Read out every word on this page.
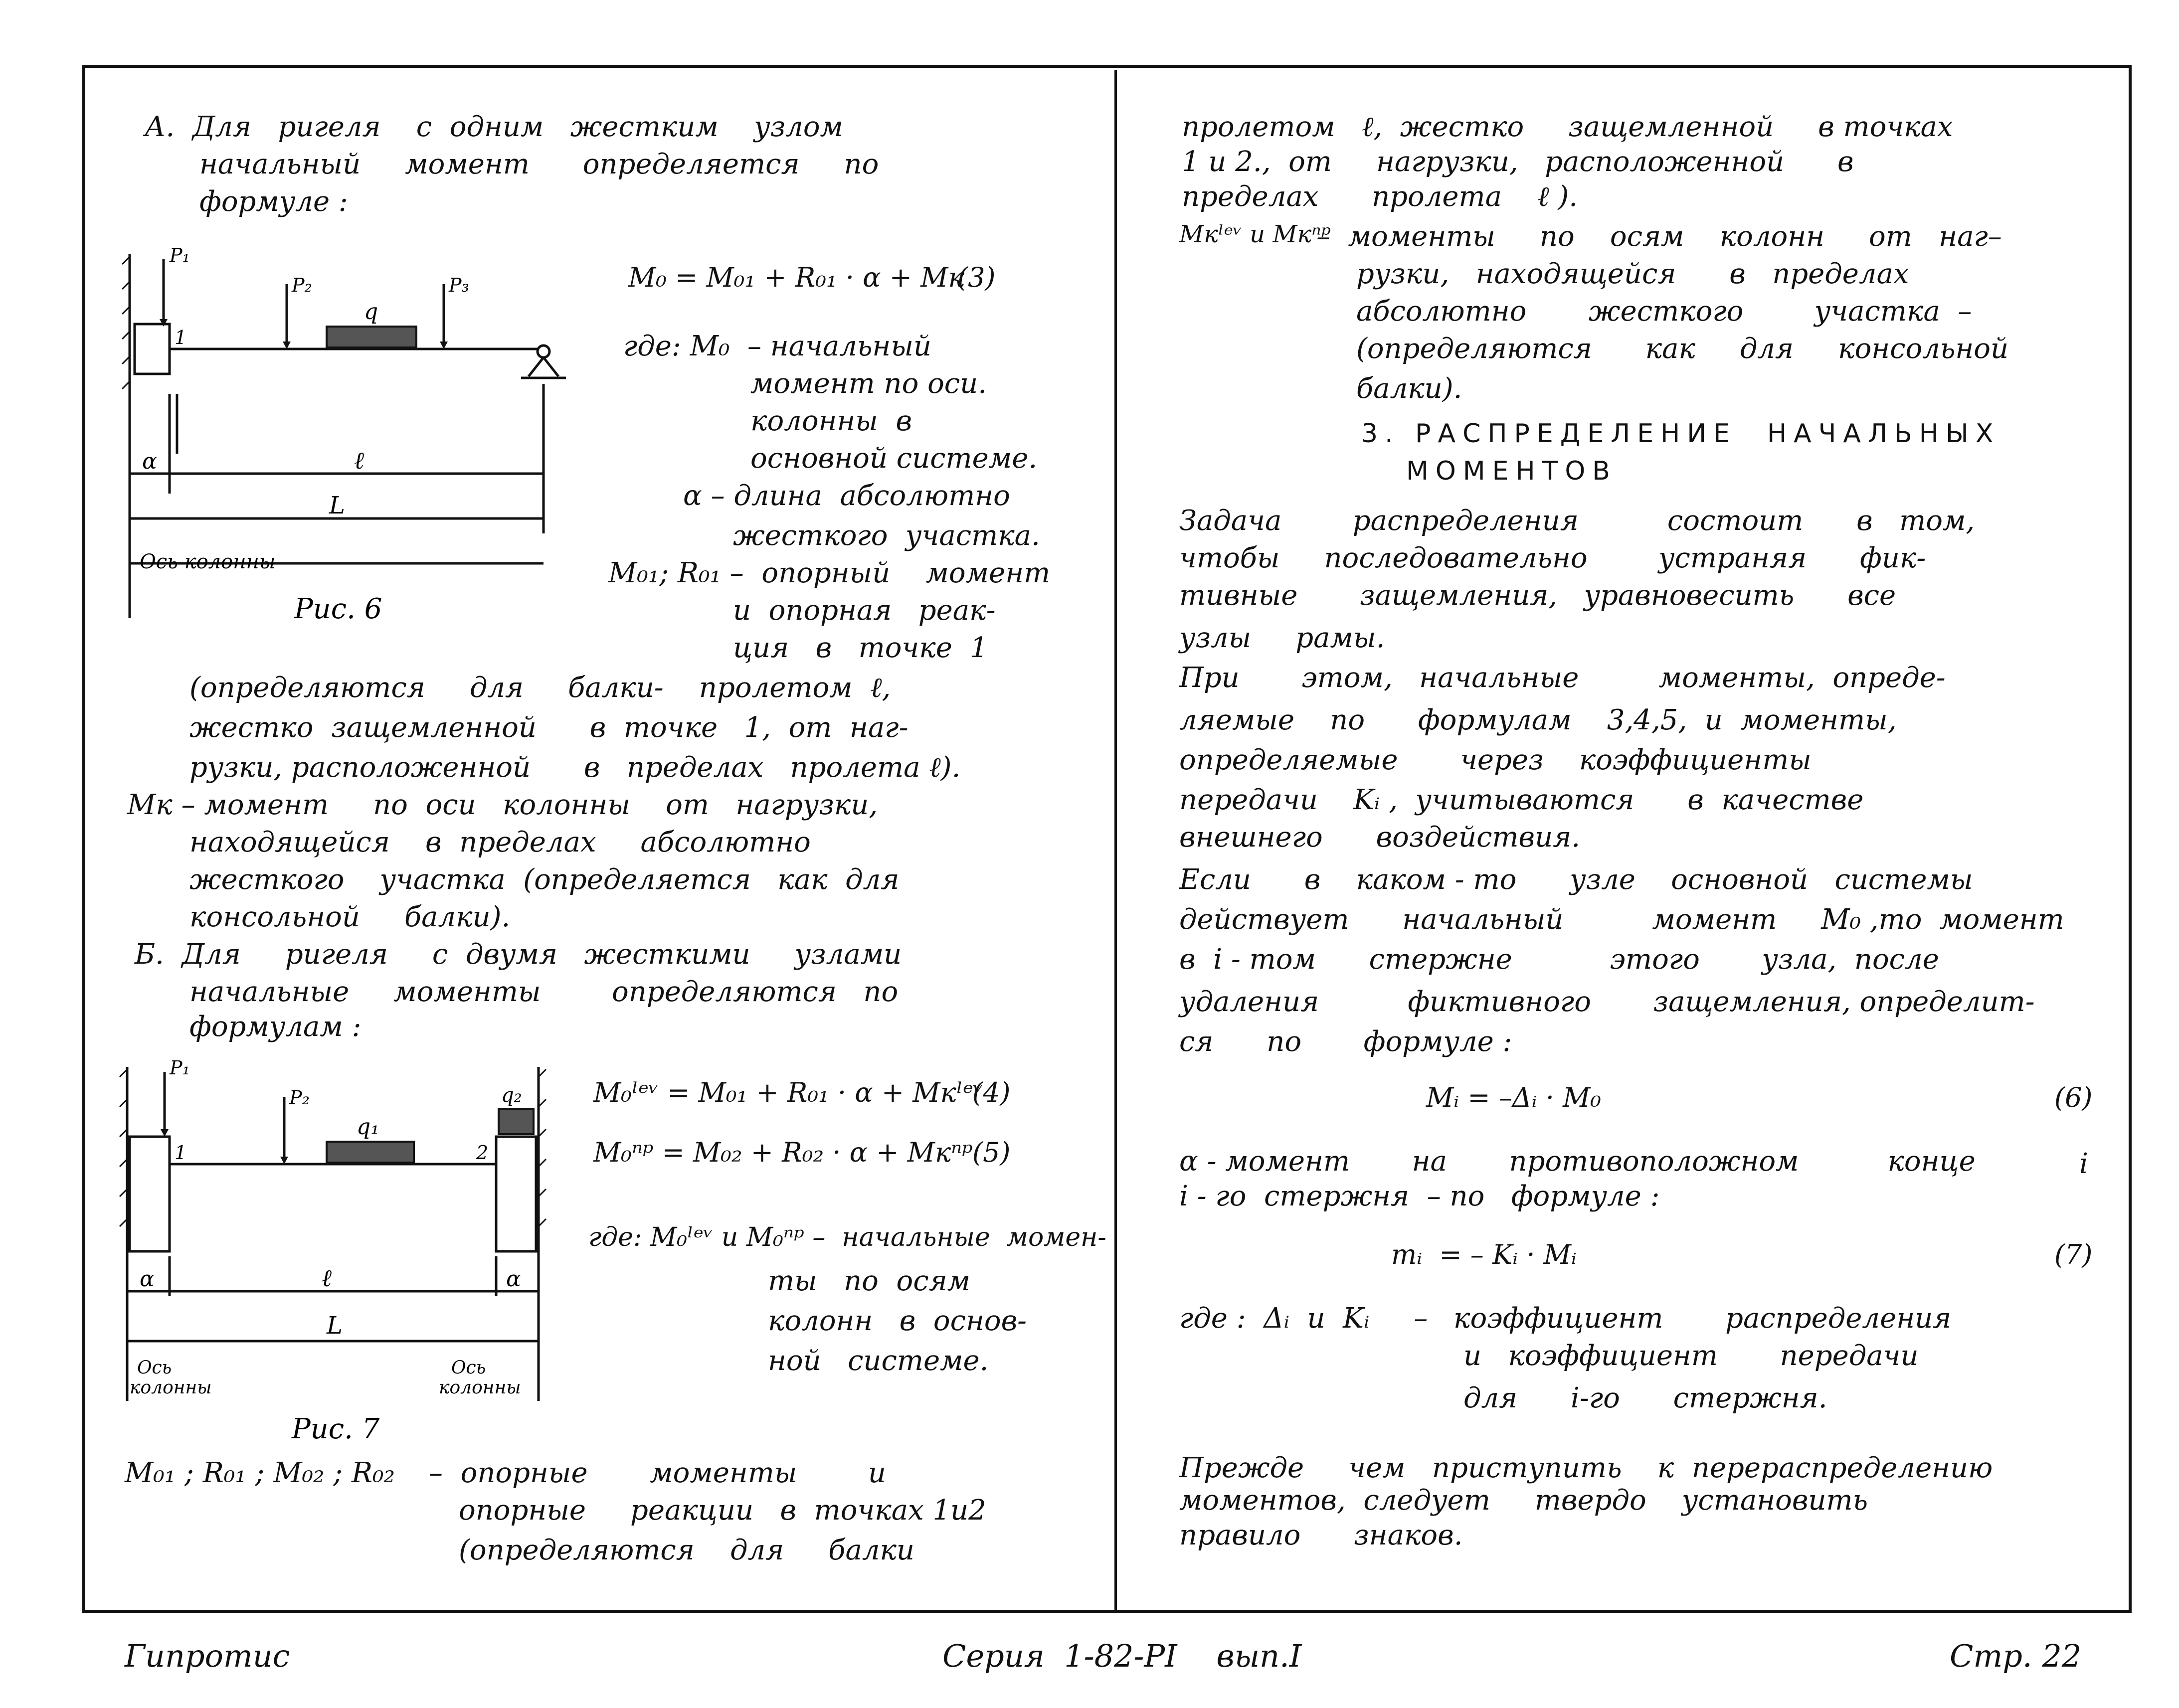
А.  Для   ригеля    с  одним   жестким    узлом
начальный     момент      определяется     по
формуле :
P₁
P₂
q
P₃
1
α	ℓ
L
Ось колонны
Рис. 6
M₀ = M₀₁ + R₀₁ · α + Mк
(3)
где: M₀  – начальный
момент по оси.
колонны  в
основной системе.
α – длина  абсолютно
жесткого  участка.
M₀₁; R₀₁ –  опорный    момент
и  опорная   реак-
ция   в   точке  1
(определяются     для     балки-    пролетом  ℓ,
жестко  защемленной      в  точке   1,  от  наг-
рузки, расположенной      в   пределах   пролета ℓ).
Mк – момент     по  оси   колонны    от   нагрузки,
находящейся    в  пределах     абсолютно
жесткого    участка  (определяется   как  для
консольной     балки).
Б.  Для     ригеля     с  двумя   жесткими     узлами
начальные     моменты        определяются   по
формулам :
P₁
P₂
q₁
q₂
1	2
α	ℓ	α
L
Ось
колонны
Ось
колонны
Рис. 7
M₀ˡᵉᵛ = M₀₁ + R₀₁ · α + Mкˡᵉᵛ
(4)
M₀ⁿᵖ = M₀₂ + R₀₂ · α + Mкⁿᵖ (5)
где: M₀ˡᵉᵛ и M₀ⁿᵖ –  начальные  момен-
ты   по  осям
колонн   в  основ-
ной   системе.
M₀₁ ; R₀₁ ; M₀₂ ; R₀₂ –  опорные       моменты        и
опорные     реакции   в  точках 1и2
(определяются    для     балки
пролетом   ℓ,  жестко     защемленной     в точках
1 и 2.,  от     нагрузки,   расположенной      в
пределах      пролета    ℓ ).
Mкˡᵉᵛ и Mкⁿᵖ
–  моменты     по    осям    колонн     от   наг–
рузки,   находящейся      в   пределах
абсолютно       жесткого        участка  –
(определяются      как     для     консольной
балки).
3. РАСПРЕДЕЛЕНИЕ  НАЧАЛЬНЫХ
МОМЕНТОВ
Задача        распределения          состоит      в   том,
чтобы     последовательно        устраняя      фик-
тивные       защемления,   уравновесить      все
узлы     рамы.
При       этом,   начальные         моменты,  опреде-
ляемые    по      формулам    3,4,5,  и  моменты,
определяемые       через    коэффициенты
передачи    Kᵢ ,  учитываются      в  качестве
внешнего      воздействия.
Если      в    каком - то      узле    основной   системы
действует      начальный          момент     M₀ ,то  момент
в  i - том      стержне           этого       узла,  после
удаления          фиктивного       защемления, определит-
ся      по       формуле :
Mᵢ = –Δᵢ · M₀	(6)
α - момент       на       противоположном          конце	i
i - го  стержня  – по   формуле :
mᵢ  = – Kᵢ · Mᵢ	(7)
где :  Δᵢ  и  Kᵢ     – коэффициент       распределения
и   коэффициент       передачи
для      i-го      стержня.
Прежде     чем   приступить    к  перераспределению
моментов,  следует     твердо    установить
правило      знаков.
Гипротис	Серия  1-82-РІ    вып.І	Стр. 22
